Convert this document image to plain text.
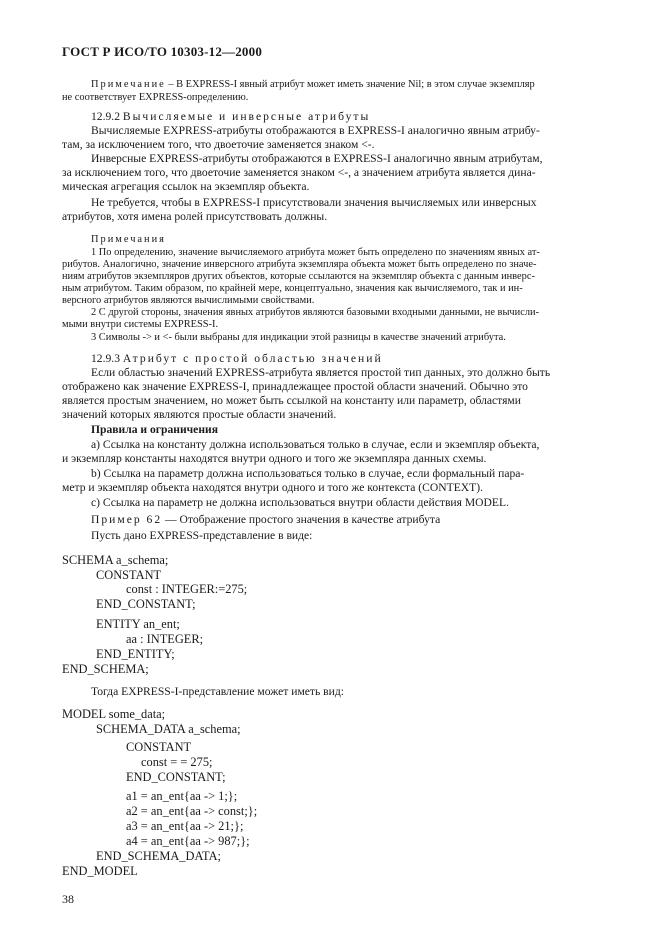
ГОСТ Р ИСО/ТО 10303-12—2000
Примечание – В EXPRESS-I явный атрибут может иметь значение Nil; в этом случае экземпляр
не соответствует EXPRESS-определению.
12.9.2 Вычисляемые и инверсные атрибуты
Вычисляемые EXPRESS-атрибуты отображаются в EXPRESS-I аналогично явным атрибу-
там, за исключением того, что двоеточие заменяется знаком <-.
Инверсные EXPRESS-атрибуты отображаются в EXPRESS-I аналогично явным атрибутам,
за исключением того, что двоеточие заменяется знаком <-, а значением атрибута является дина-
мическая агрегация ссылок на экземпляр объекта.
Не требуется, чтобы в EXPRESS-I присутствовали значения вычисляемых или инверсных
атрибутов, хотя имена ролей присутствовать должны.
Примечания
1 По определению, значение вычисляемого атрибута может быть определено по значениям явных ат-
рибутов. Аналогично, значение инверсного атрибута экземпляра объекта может быть определено по значе-
ниям атрибутов экземпляров других объектов, которые ссылаются на экземпляр объекта с данным инверс-
ным атрибутом. Таким образом, по крайней мере, концептуально, значения как вычисляемого, так и ин-
версного атрибутов являются вычислимыми свойствами.
2 С другой стороны, значения явных атрибутов являются базовыми входными данными, не вычисли-
мыми внутри системы EXPRESS-I.
3 Символы -> и <- были выбраны для индикации этой разницы в качестве значений атрибута.
12.9.3 Атрибут с простой областью значений
Если областью значений EXPRESS-атрибута является простой тип данных, это должно быть
отображено как значение EXPRESS-I, принадлежащее простой области значений. Обычно это
является простым значением, но может быть ссылкой на константу или параметр, областями
значений которых являются простые области значений.
Правила и ограничения
a) Ссылка на константу должна использоваться только в случае, если и экземпляр объекта,
и экземпляр константы находятся внутри одного и того же экземпляра данных схемы.
b) Ссылка на параметр должна использоваться только в случае, если формальный пара-
метр и экземпляр объекта находятся внутри одного и того же контекста (CONTEXT).
c) Ссылка на параметр не должна использоваться внутри области действия MODEL.
Пример 62 — Отображение простого значения в качестве атрибута
Пусть дано EXPRESS-представление в виде:
SCHEMA a_schema;
CONSTANT
const : INTEGER:=275;
END_CONSTANT;
ENTITY an_ent;
aa : INTEGER;
END_ENTITY;
END_SCHEMA;
Тогда EXPRESS-I-представление может иметь вид:
MODEL some_data;
SCHEMA_DATA a_schema;
CONSTANT
const = = 275;
END_CONSTANT;
a1 = an_ent{aa -> 1;};
a2 = an_ent{aa -> const;};
a3 = an_ent{aa -> 21;};
a4 = an_ent{aa -> 987;};
END_SCHEMA_DATA;
END_MODEL
38
